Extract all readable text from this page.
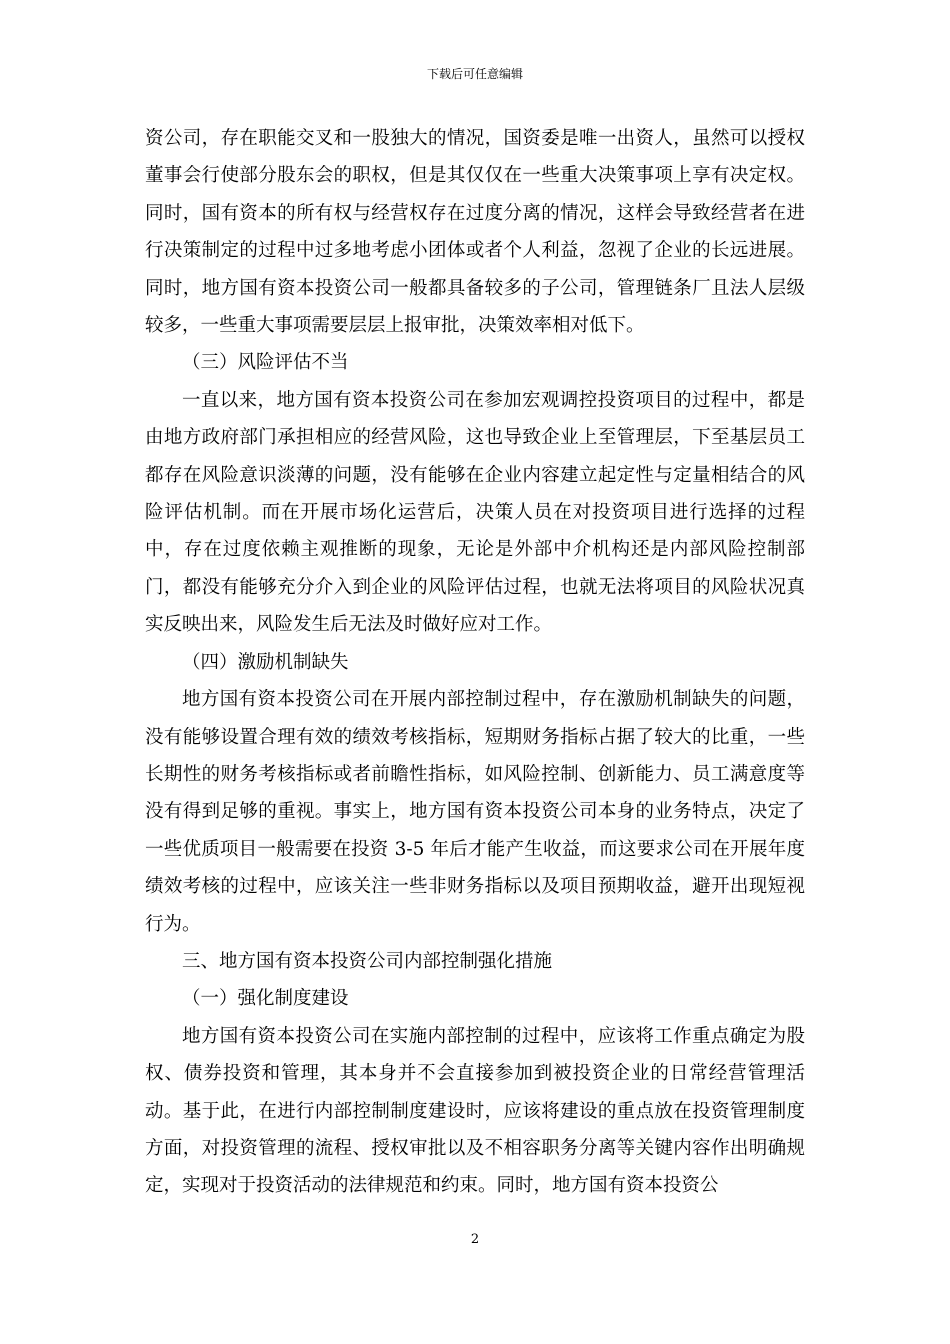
下载后可任意编辑

资公司，存在职能交叉和一股独大的情况，国资委是唯一出资人，虽然可以授权董事会行使部分股东会的职权，但是其仅仅在一些重大决策事项上享有决定权。同时，国有资本的所有权与经营权存在过度分离的情况，这样会导致经营者在进行决策制定的过程中过多地考虑小团体或者个人利益，忽视了企业的长远进展。同时，地方国有资本投资公司一般都具备较多的子公司，管理链条厂且法人层级较多，一些重大事项需要层层上报审批，决策效率相对低下。

（三）风险评估不当

一直以来，地方国有资本投资公司在参加宏观调控投资项目的过程中，都是由地方政府部门承担相应的经营风险，这也导致企业上至管理层，下至基层员工都存在风险意识淡薄的问题，没有能够在企业内容建立起定性与定量相结合的风险评估机制。而在开展市场化运营后，决策人员在对投资项目进行选择的过程中，存在过度依赖主观推断的现象，无论是外部中介机构还是内部风险控制部门，都没有能够充分介入到企业的风险评估过程，也就无法将项目的风险状况真实反映出来，风险发生后无法及时做好应对工作。

（四）激励机制缺失

地方国有资本投资公司在开展内部控制过程中，存在激励机制缺失的问题，没有能够设置合理有效的绩效考核指标，短期财务指标占据了较大的比重，一些长期性的财务考核指标或者前瞻性指标，如风险控制、创新能力、员工满意度等没有得到足够的重视。事实上，地方国有资本投资公司本身的业务特点，决定了一些优质项目一般需要在投资 3-5 年后才能产生收益，而这要求公司在开展年度绩效考核的过程中，应该关注一些非财务指标以及项目预期收益，避开出现短视行为。

三、地方国有资本投资公司内部控制强化措施

（一）强化制度建设

地方国有资本投资公司在实施内部控制的过程中，应该将工作重点确定为股权、债券投资和管理，其本身并不会直接参加到被投资企业的日常经营管理活动。基于此，在进行内部控制制度建设时，应该将建设的重点放在投资管理制度方面，对投资管理的流程、授权审批以及不相容职务分离等关键内容作出明确规定，实现对于投资活动的法律规范和约束。同时，地方国有资本投资公

2
